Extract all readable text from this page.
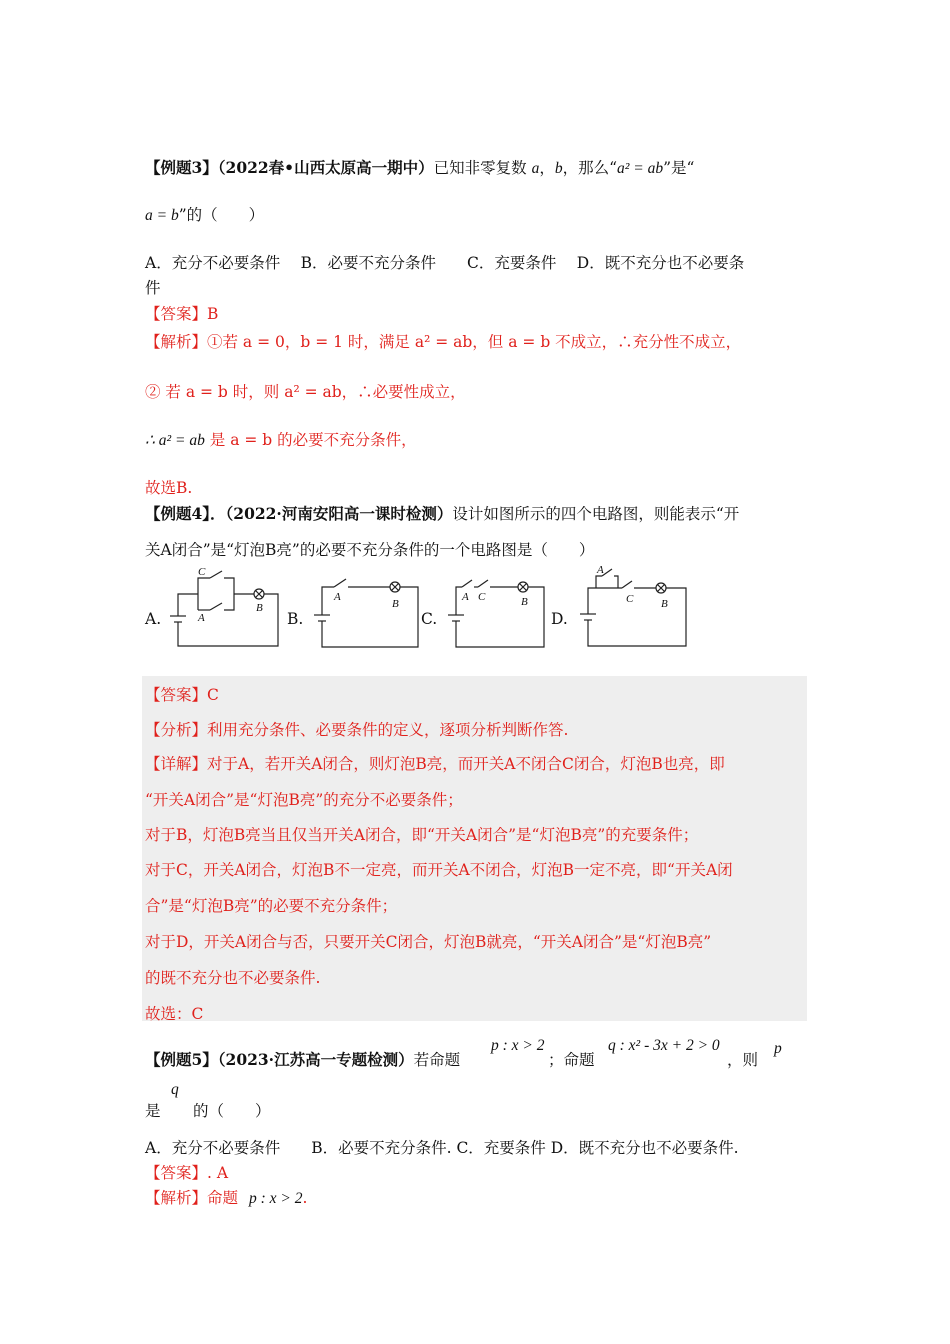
【例题3】（2022春•山西太原高一期中）已知非零复数 a，b，那么“a² = ab”是“
a = b”的（　　）
A．充分不必要条件　 B．必要不充分条件　　C．充要条件　 D．既不充分也不必要条
件
【答案】B
【解析】①若 a = 0，b = 1 时，满足 a² = ab，但 a = b 不成立，∴充分性不成立，
② 若 a = b 时，则 a² = ab，∴必要性成立，
∴ a² = ab 是 a = b 的必要不充分条件，
故选B.
【例题4】．（2022·河南安阳高一课时检测）设计如图所示的四个电路图，则能表示“开
关A闭合”是“灯泡B亮”的必要不充分条件的一个电路图是（　　）
A.	B.	C.	D.
C
A
B
A
B
A C	B
A
C	B
【答案】C
【分析】利用充分条件、必要条件的定义，逐项分析判断作答.
【详解】对于A，若开关A闭合，则灯泡B亮，而开关A不闭合C闭合，灯泡B也亮，即
“开关A闭合”是“灯泡B亮”的充分不必要条件；
对于B，灯泡B亮当且仅当开关A闭合，即“开关A闭合”是“灯泡B亮”的充要条件；
对于C，开关A闭合，灯泡B不一定亮，而开关A不闭合，灯泡B一定不亮，即“开关A闭
合”是“灯泡B亮”的必要不充分条件；
对于D，开关A闭合与否，只要开关C闭合，灯泡B就亮，“开关A闭合”是“灯泡B亮”
的既不充分也不必要条件.
故选：C
【例题5】（2023·江苏高一专题检测）若命题
p : x > 2
；命题
q : x² - 3x + 2 > 0
，则
p
是
q
的（　　）
A．充分不必要条件　　B．必要不充分条件. C．充要条件 D．既不充分也不必要条件.
【答案】. A
【解析】命题 p : x > 2.
